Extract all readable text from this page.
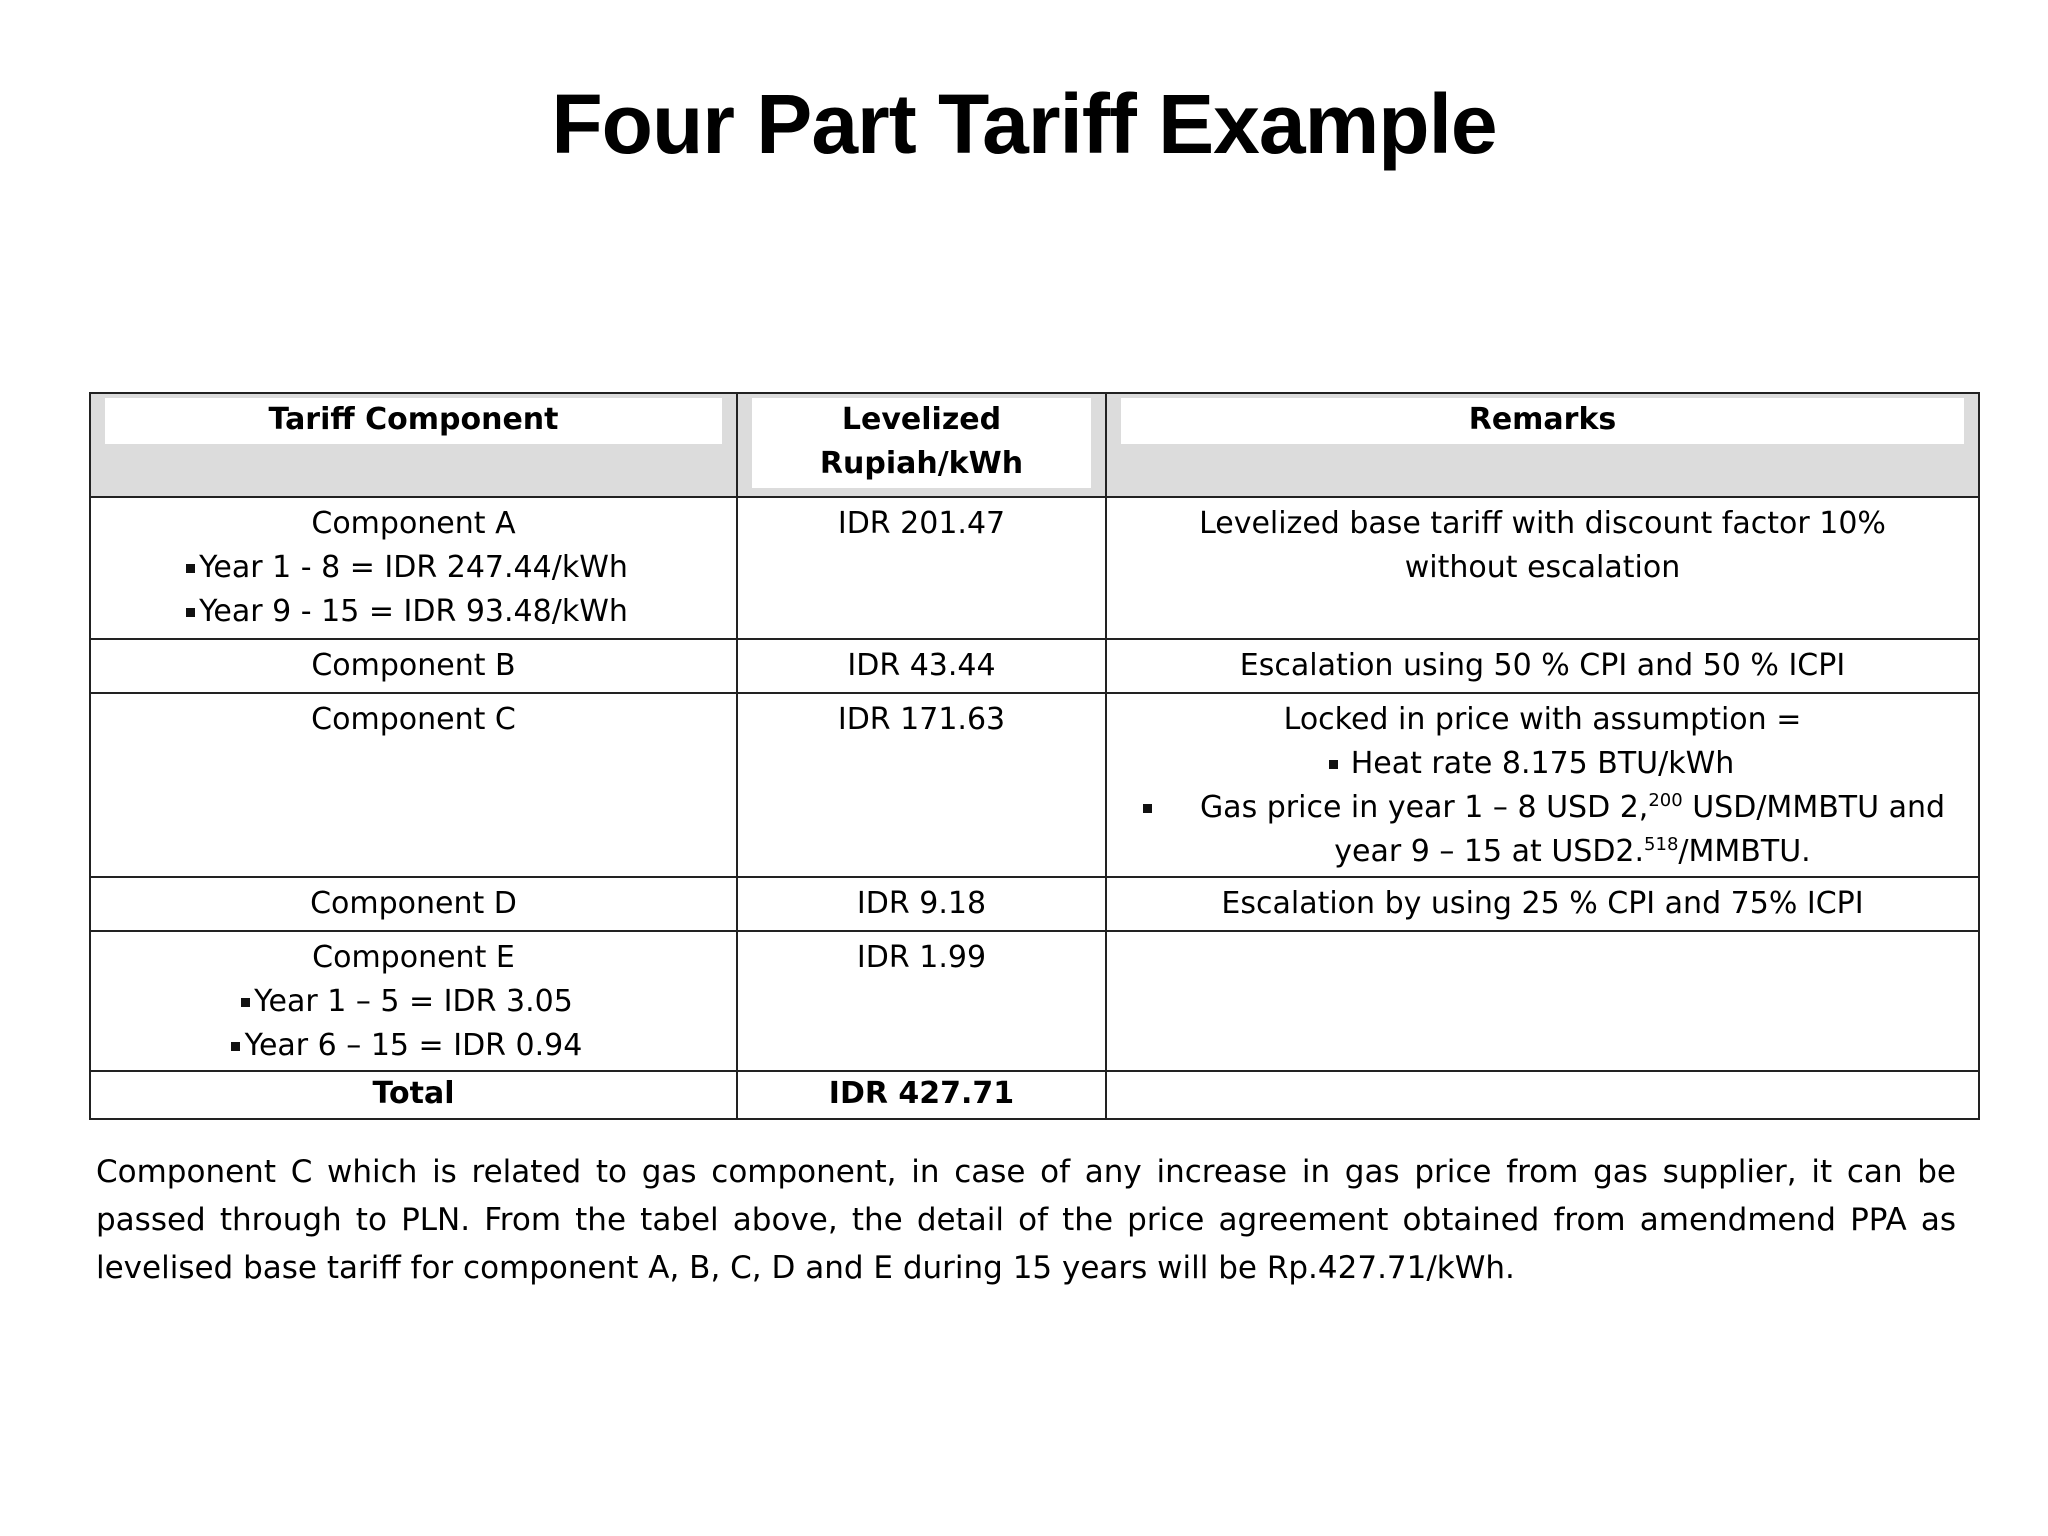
Four Part Tariff Example
Tariff Component	Levelized Rupiah/kWh	Remarks

Component A
Year 1 - 8 = IDR 247.44/kWh
Year 9 - 15 = IDR 93.48/kWh	IDR 201.47	Levelized base tariff with discount factor 10% without escalation
Component B	IDR 43.44	Escalation using 50 % CPI and 50 % ICPI
Component C	IDR 171.63	Locked in price with assumption =
Heat rate 8.175 BTU/kWh
Gas price in year 1 – 8 USD 2,$^{200}$ USD/MMBTU and year 9 – 15 at USD2.$^{518}$/MMBTU.

Component D	IDR 9.18	Escalation by using 25 % CPI and 75% ICPI

Component E
Year 1 – 5 = IDR 3.05
Year 6 – 15 = IDR 0.94	IDR 1.99	
Total	IDR 427.71	

Component C which is related to gas component, in case of any increase in gas price from gas supplier, it can be passed through to PLN. From the tabel above, the detail of the price agreement obtained from amendmend PPA as levelised base tariff for component A, B, C, D and E during 15 years will be Rp.427.71/kWh.
